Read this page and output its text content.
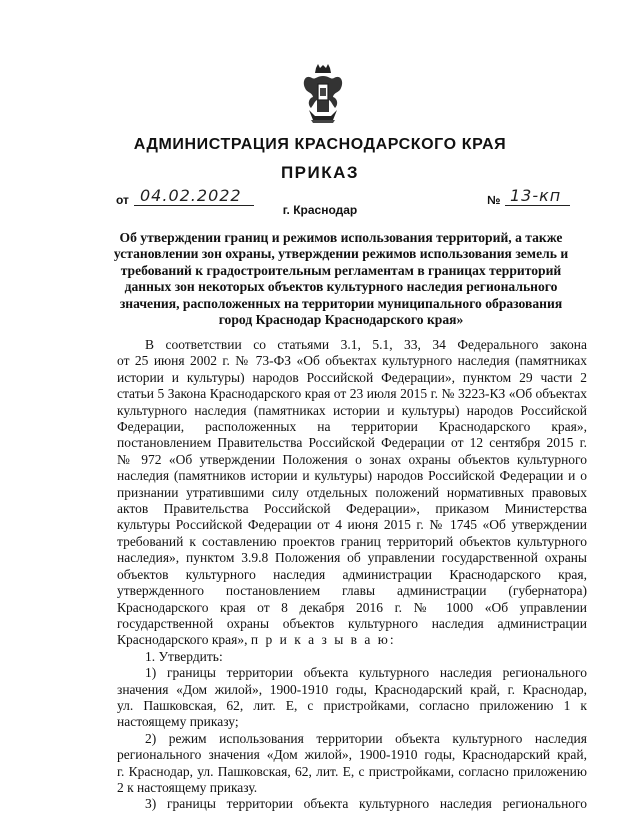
АДМИНИСТРАЦИЯ КРАСНОДАРСКОГО КРАЯ
ПРИКАЗ
от 04.02.2022	№ 13-кп
г. Краснодар
Об утверждении границ и режимов использования территорий, а также
установлении зон охраны, утверждении режимов использования земель и
требований к градостроительным регламентам в границах территорий
данных зон некоторых объектов культурного наследия регионального
значения, расположенных на территории муниципального образования
город Краснодар Краснодарского края»

В соответствии со статьями 3.1, 5.1, 33, 34 Федерального закона

от 25 июня 2002 г. № 73-ФЗ «Об объектах культурного наследия (памятниках

истории и культуры) народов Российской Федерации», пунктом 29 части 2

статьи 5 Закона Краснодарского края от 23 июля 2015 г. № 3223-КЗ «Об объектах

культурного наследия (памятниках истории и культуры) народов Российской

Федерации, расположенных на территории Краснодарского края»,

постановлением Правительства Российской Федерации от 12 сентября 2015 г.

№ 972 «Об утверждении Положения о зонах охраны объектов культурного

наследия (памятников истории и культуры) народов Российской Федерации и о

признании утратившими силу отдельных положений нормативных правовых

актов Правительства Российской Федерации», приказом Министерства

культуры Российской Федерации от 4 июня 2015 г. № 1745 «Об утверждении

требований к составлению проектов границ территорий объектов культурного

наследия», пунктом 3.9.8 Положения об управлении государственной охраны

объектов культурного наследия администрации Краснодарского края,

утвержденного постановлением главы администрации (губернатора)

Краснодарского края от 8 декабря 2016 г. № 1000 «Об управлении

государственной охраны объектов культурного наследия администрации

Краснодарского края», п р и к а з ы в а ю:

1. Утвердить:

1) границы территории объекта культурного наследия регионального

значения «Дом жилой», 1900-1910 годы, Краснодарский край, г. Краснодар,

ул. Пашковская, 62, лит. Е, с пристройками, согласно приложению 1 к

настоящему приказу;

2) режим использования территории объекта культурного наследия

регионального значения «Дом жилой», 1900-1910 годы, Краснодарский край,

г. Краснодар, ул. Пашковская, 62, лит. Е, с пристройками, согласно приложению

2 к настоящему приказу.

3) границы территории объекта культурного наследия регионального
